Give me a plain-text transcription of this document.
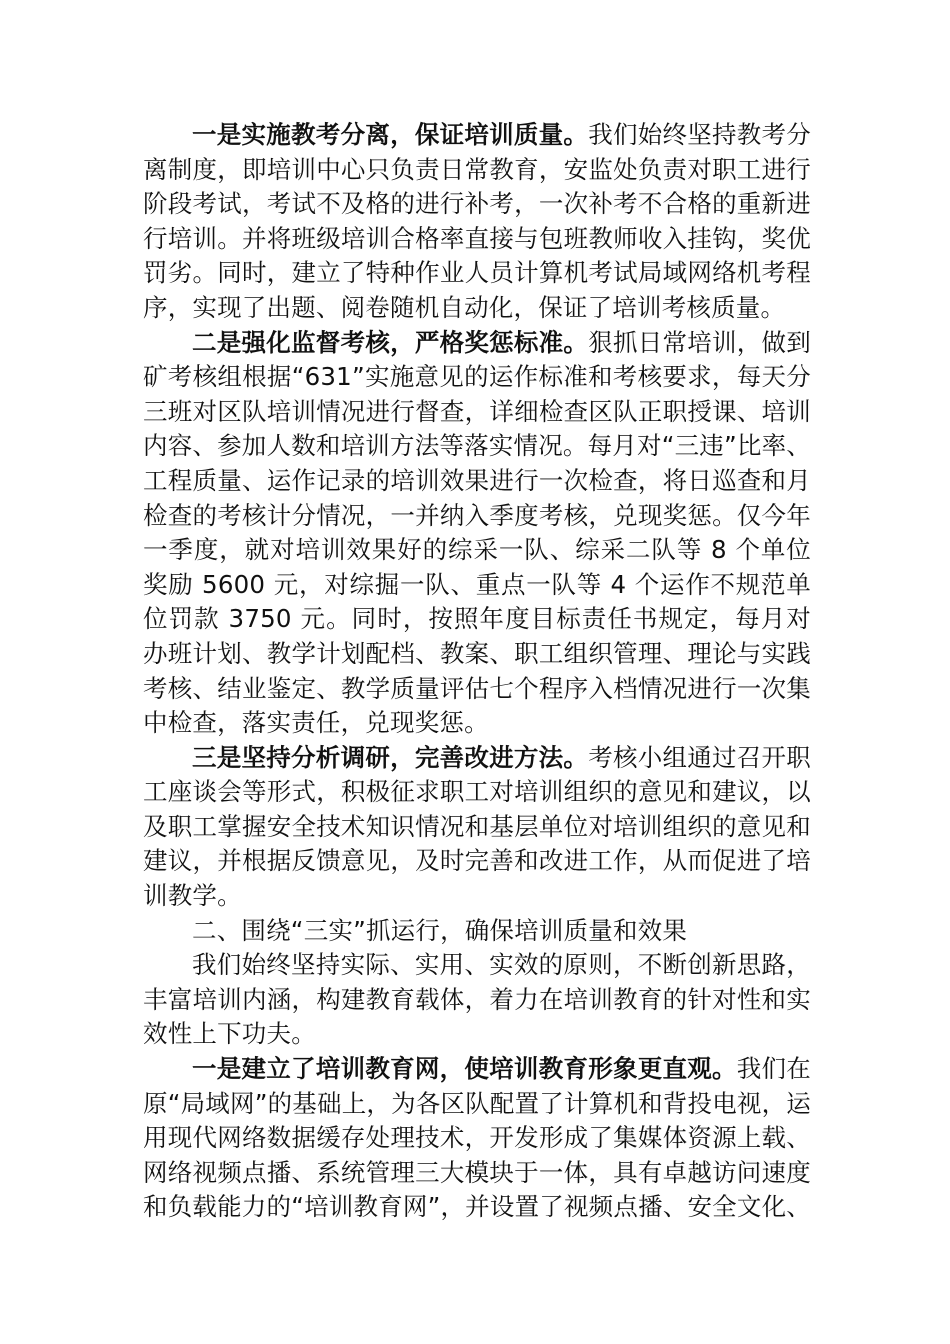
一是实施教考分离，保证培训质量。我们始终坚持教考分离制度，即培训中心只负责日常教育，安监处负责对职工进行阶段考试，考试不及格的进行补考，一次补考不合格的重新进行培训。并将班级培训合格率直接与包班教师收入挂钩，奖优罚劣。同时，建立了特种作业人员计算机考试局域网络机考程序，实现了出题、阅卷随机自动化，保证了培训考核质量。

二是强化监督考核，严格奖惩标准。狠抓日常培训，做到矿考核组根据“631”实施意见的运作标准和考核要求，每天分三班对区队培训情况进行督查，详细检查区队正职授课、培训内容、参加人数和培训方法等落实情况。每月对“三违”比率、工程质量、运作记录的培训效果进行一次检查，将日巡查和月检查的考核计分情况，一并纳入季度考核，兑现奖惩。仅今年一季度，就对培训效果好的综采一队、综采二队等 8 个单位奖励 5600 元，对综掘一队、重点一队等 4 个运作不规范单位罚款 3750 元。同时，按照年度目标责任书规定，每月对办班计划、教学计划配档、教案、职工组织管理、理论与实践考核、结业鉴定、教学质量评估七个程序入档情况进行一次集中检查，落实责任，兑现奖惩。

三是坚持分析调研，完善改进方法。考核小组通过召开职工座谈会等形式，积极征求职工对培训组织的意见和建议，以及职工掌握安全技术知识情况和基层单位对培训组织的意见和建议，并根据反馈意见，及时完善和改进工作，从而促进了培训教学。

二、围绕“三实”抓运行，确保培训质量和效果

我们始终坚持实际、实用、实效的原则，不断创新思路，丰富培训内涵，构建教育载体，着力在培训教育的针对性和实效性上下功夫。

一是建立了培训教育网，使培训教育形象更直观。我们在原“局域网”的基础上，为各区队配置了计算机和背投电视，运用现代网络数据缓存处理技术，开发形成了集媒体资源上载、网络视频点播、系统管理三大模块于一体，具有卓越访问速度和负载能力的“培训教育网”，并设置了视频点播、安全文化、
